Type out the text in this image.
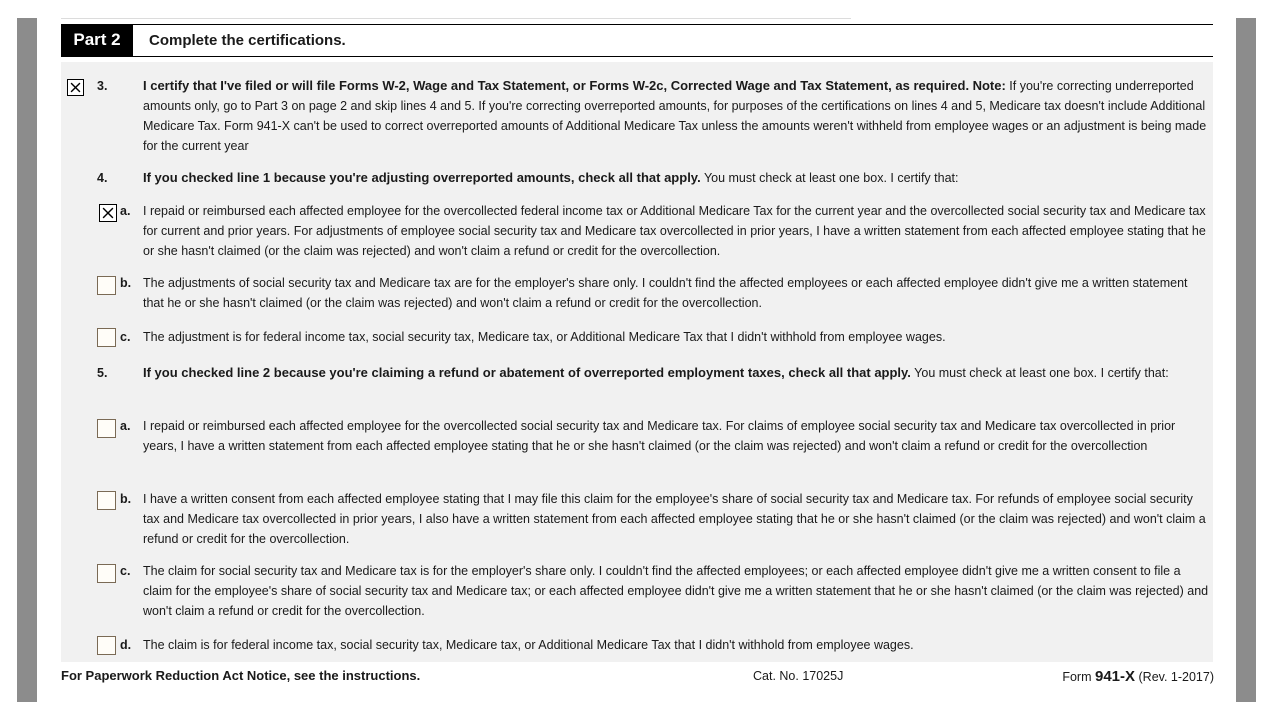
Part 2	Complete the certifications.
3.	I certify that I've filed or will file Forms W-2, Wage and Tax Statement, or Forms W-2c, Corrected Wage and Tax Statement, as required. Note: If you're correcting underreported amounts only, go to Part 3 on page 2 and skip lines 4 and 5. If you're correcting overreported amounts, for purposes of the certifications on lines 4 and 5, Medicare tax doesn't include Additional Medicare Tax. Form 941-X can't be used to correct overreported amounts of Additional Medicare Tax unless the amounts weren't withheld from employee wages or an adjustment is being made for the current year
4.	If you checked line 1 because you're adjusting overreported amounts, check all that apply. You must check at least one box. I certify that:
a. I repaid or reimbursed each affected employee for the overcollected federal income tax or Additional Medicare Tax for the current year and the overcollected social security tax and Medicare tax for current and prior years. For adjustments of employee social security tax and Medicare tax overcollected in prior years, I have a written statement from each affected employee stating that he or she hasn't claimed (or the claim was rejected) and won't claim a refund or credit for the overcollection.
b. The adjustments of social security tax and Medicare tax are for the employer's share only. I couldn't find the affected employees or each affected employee didn't give me a written statement that he or she hasn't claimed (or the claim was rejected) and won't claim a refund or credit for the overcollection.
c. The adjustment is for federal income tax, social security tax, Medicare tax, or Additional Medicare Tax that I didn't withhold from employee wages.
5.	If you checked line 2 because you're claiming a refund or abatement of overreported employment taxes, check all that apply. You must check at least one box. I certify that:
a. I repaid or reimbursed each affected employee for the overcollected social security tax and Medicare tax. For claims of employee social security tax and Medicare tax overcollected in prior years, I have a written statement from each affected employee stating that he or she hasn't claimed (or the claim was rejected) and won't claim a refund or credit for the overcollection
b. I have a written consent from each affected employee stating that I may file this claim for the employee's share of social security tax and Medicare tax. For refunds of employee social security tax and Medicare tax overcollected in prior years, I also have a written statement from each affected employee stating that he or she hasn't claimed (or the claim was rejected) and won't claim a refund or credit for the overcollection.
c. The claim for social security tax and Medicare tax is for the employer's share only. I couldn't find the affected employees; or each affected employee didn't give me a written consent to file a claim for the employee's share of social security tax and Medicare tax; or each affected employee didn't give me a written statement that he or she hasn't claimed (or the claim was rejected) and won't claim a refund or credit for the overcollection.
d. The claim is for federal income tax, social security tax, Medicare tax, or Additional Medicare Tax that I didn't withhold from employee wages.
For Paperwork Reduction Act Notice, see the instructions.	Cat. No. 17025J	Form 941-X (Rev. 1-2017)
